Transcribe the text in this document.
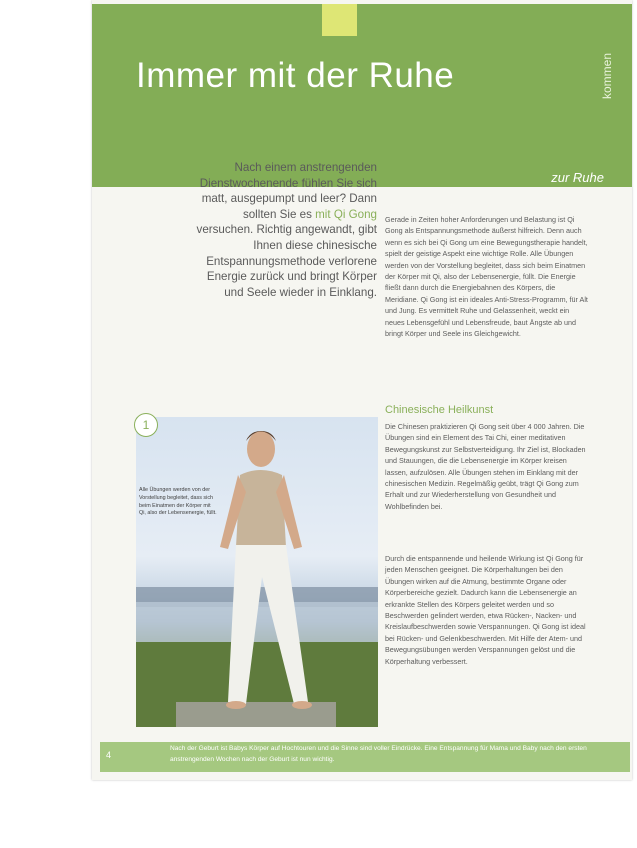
Immer mit der Ruhe	kommen
zur Ruhe
Nach einem anstrengenden Dienstwochenende fühlen Sie sich matt, ausgepumpt und leer? Dann sollten Sie es mit Qi Gong versuchen. Richtig angewandt, gibt Ihnen diese chinesische Entspannungsmethode verlorene Energie zurück und bringt Körper und Seele wieder in Einklang.

Gerade in Zeiten hoher Anforderungen und Belastung ist Qi Gong als Entspannungsmethode äußerst hilfreich. Denn auch wenn es sich bei Qi Gong um eine Bewegungstherapie handelt, spielt der geistige Aspekt eine wichtige Rolle. Alle Übungen werden von der Vorstellung begleitet, dass sich beim Einatmen der Körper mit Qi, also der Lebensenergie, füllt. Die Energie fließt dann durch die Energiebahnen des Körpers, die Meridiane. Qi Gong ist ein ideales Anti-Stress-Programm, für Alt und Jung. Es vermittelt Ruhe und Gelassenheit, weckt ein neues Lebensgefühl und Lebensfreude, baut Ängste ab und bringt Körper und Seele ins Gleichgewicht.

Chinesische Heilkunst

Die Chinesen praktizieren Qi Gong seit über 4 000 Jahren. Die Übungen sind ein Element des Tai Chi, einer meditativen Bewegungskunst zur Selbstverteidigung. Ihr Ziel ist, Blockaden und Stauungen, die die Lebensenergie im Körper kreisen lassen, aufzulösen. Alle Übungen stehen im Einklang mit der chinesischen Medizin. Regelmäßig geübt, trägt Qi Gong zum Erhalt und zur Wiederherstellung von Gesundheit und Wohlbefinden bei.

Durch die entspannende und heilende Wirkung ist Qi Gong für jeden Menschen geeignet. Die Körperhaltungen bei den Übungen wirken auf die Atmung, bestimmte Organe oder Körperbereiche gezielt. Dadurch kann die Lebensenergie an erkrankte Stellen des Körpers geleitet werden und so Beschwerden gelindert werden, etwa Rücken-, Nacken- und Kreislaufbeschwerden sowie Verspannungen. Qi Gong ist ideal bei Rücken- und Gelenkbeschwerden. Mit Hilfe der Atem- und Bewegungsübungen werden Verspannungen gelöst und die Körperhaltung verbessert.

1
Alle Übungen werden von der Vorstellung begleitet, dass sich beim Einatmen der Körper mit Qi, also der Lebensenergie, füllt.
4
Nach der Geburt ist Babys Körper auf Hochtouren und die Sinne sind voller Eindrücke. Eine Entspannung für Mama und Baby nach den ersten anstrengenden Wochen nach der Geburt ist nun wichtig.
